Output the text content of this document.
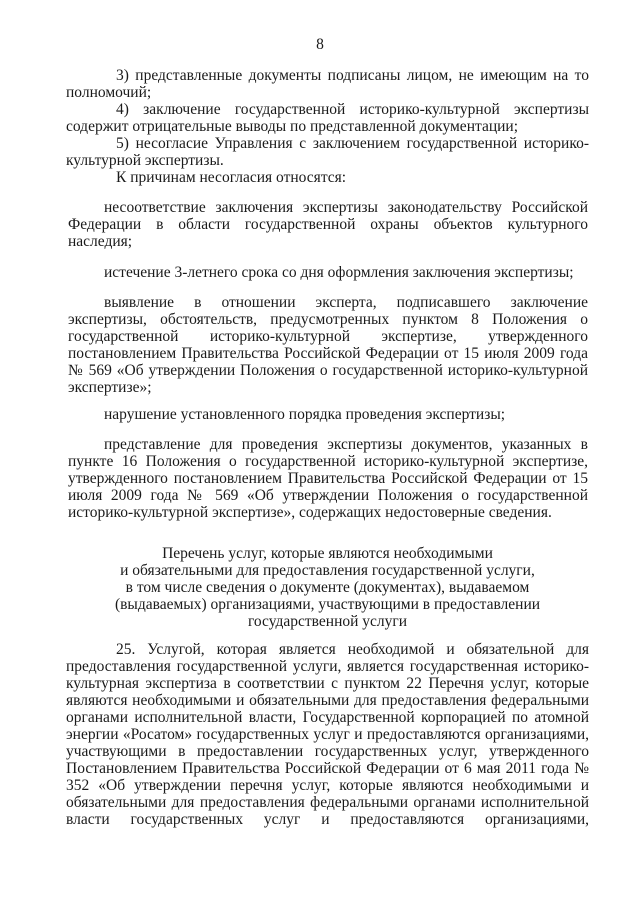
8
3) представленные документы подписаны лицом, не имеющим на то полномочий;
4) заключение государственной историко-культурной экспертизы содержит отрицательные выводы по представленной документации;
5) несогласие Управления с заключением государственной историко-культурной экспертизы.
К причинам несогласия относятся:
несоответствие заключения экспертизы законодательству Российской Федерации в области государственной охраны объектов культурного наследия;
истечение 3-летнего срока со дня оформления заключения экспертизы;
выявление в отношении эксперта, подписавшего заключение экспертизы, обстоятельств, предусмотренных пунктом 8 Положения о государственной историко-культурной экспертизе, утвержденного постановлением Правительства Российской Федерации от 15 июля 2009 года № 569 «Об утверждении Положения о государственной историко-культурной экспертизе»;
нарушение установленного порядка проведения экспертизы;
представление для проведения экспертизы документов, указанных в пункте 16 Положения о государственной историко-культурной экспертизе, утвержденного постановлением Правительства Российской Федерации от 15 июля 2009 года № 569 «Об утверждении Положения о государственной историко-культурной экспертизе», содержащих недостоверные сведения.
Перечень услуг, которые являются необходимыми
и обязательными для предоставления государственной услуги,
в том числе сведения о документе (документах), выдаваемом
(выдаваемых) организациями, участвующими в предоставлении
государственной услуги
25. Услугой, которая является необходимой и обязательной для предоставления государственной услуги, является государственная историко-культурная экспертиза в соответствии с пунктом 22 Перечня услуг, которые являются необходимыми и обязательными для предоставления федеральными органами исполнительной власти, Государственной корпорацией по атомной энергии «Росатом» государственных услуг и предоставляются организациями, участвующими в предоставлении государственных услуг, утвержденного Постановлением Правительства Российской Федерации от 6 мая 2011 года № 352 «Об утверждении перечня услуг, которые являются необходимыми и обязательными для предоставления федеральными органами исполнительной власти государственных услуг и предоставляются организациями,
